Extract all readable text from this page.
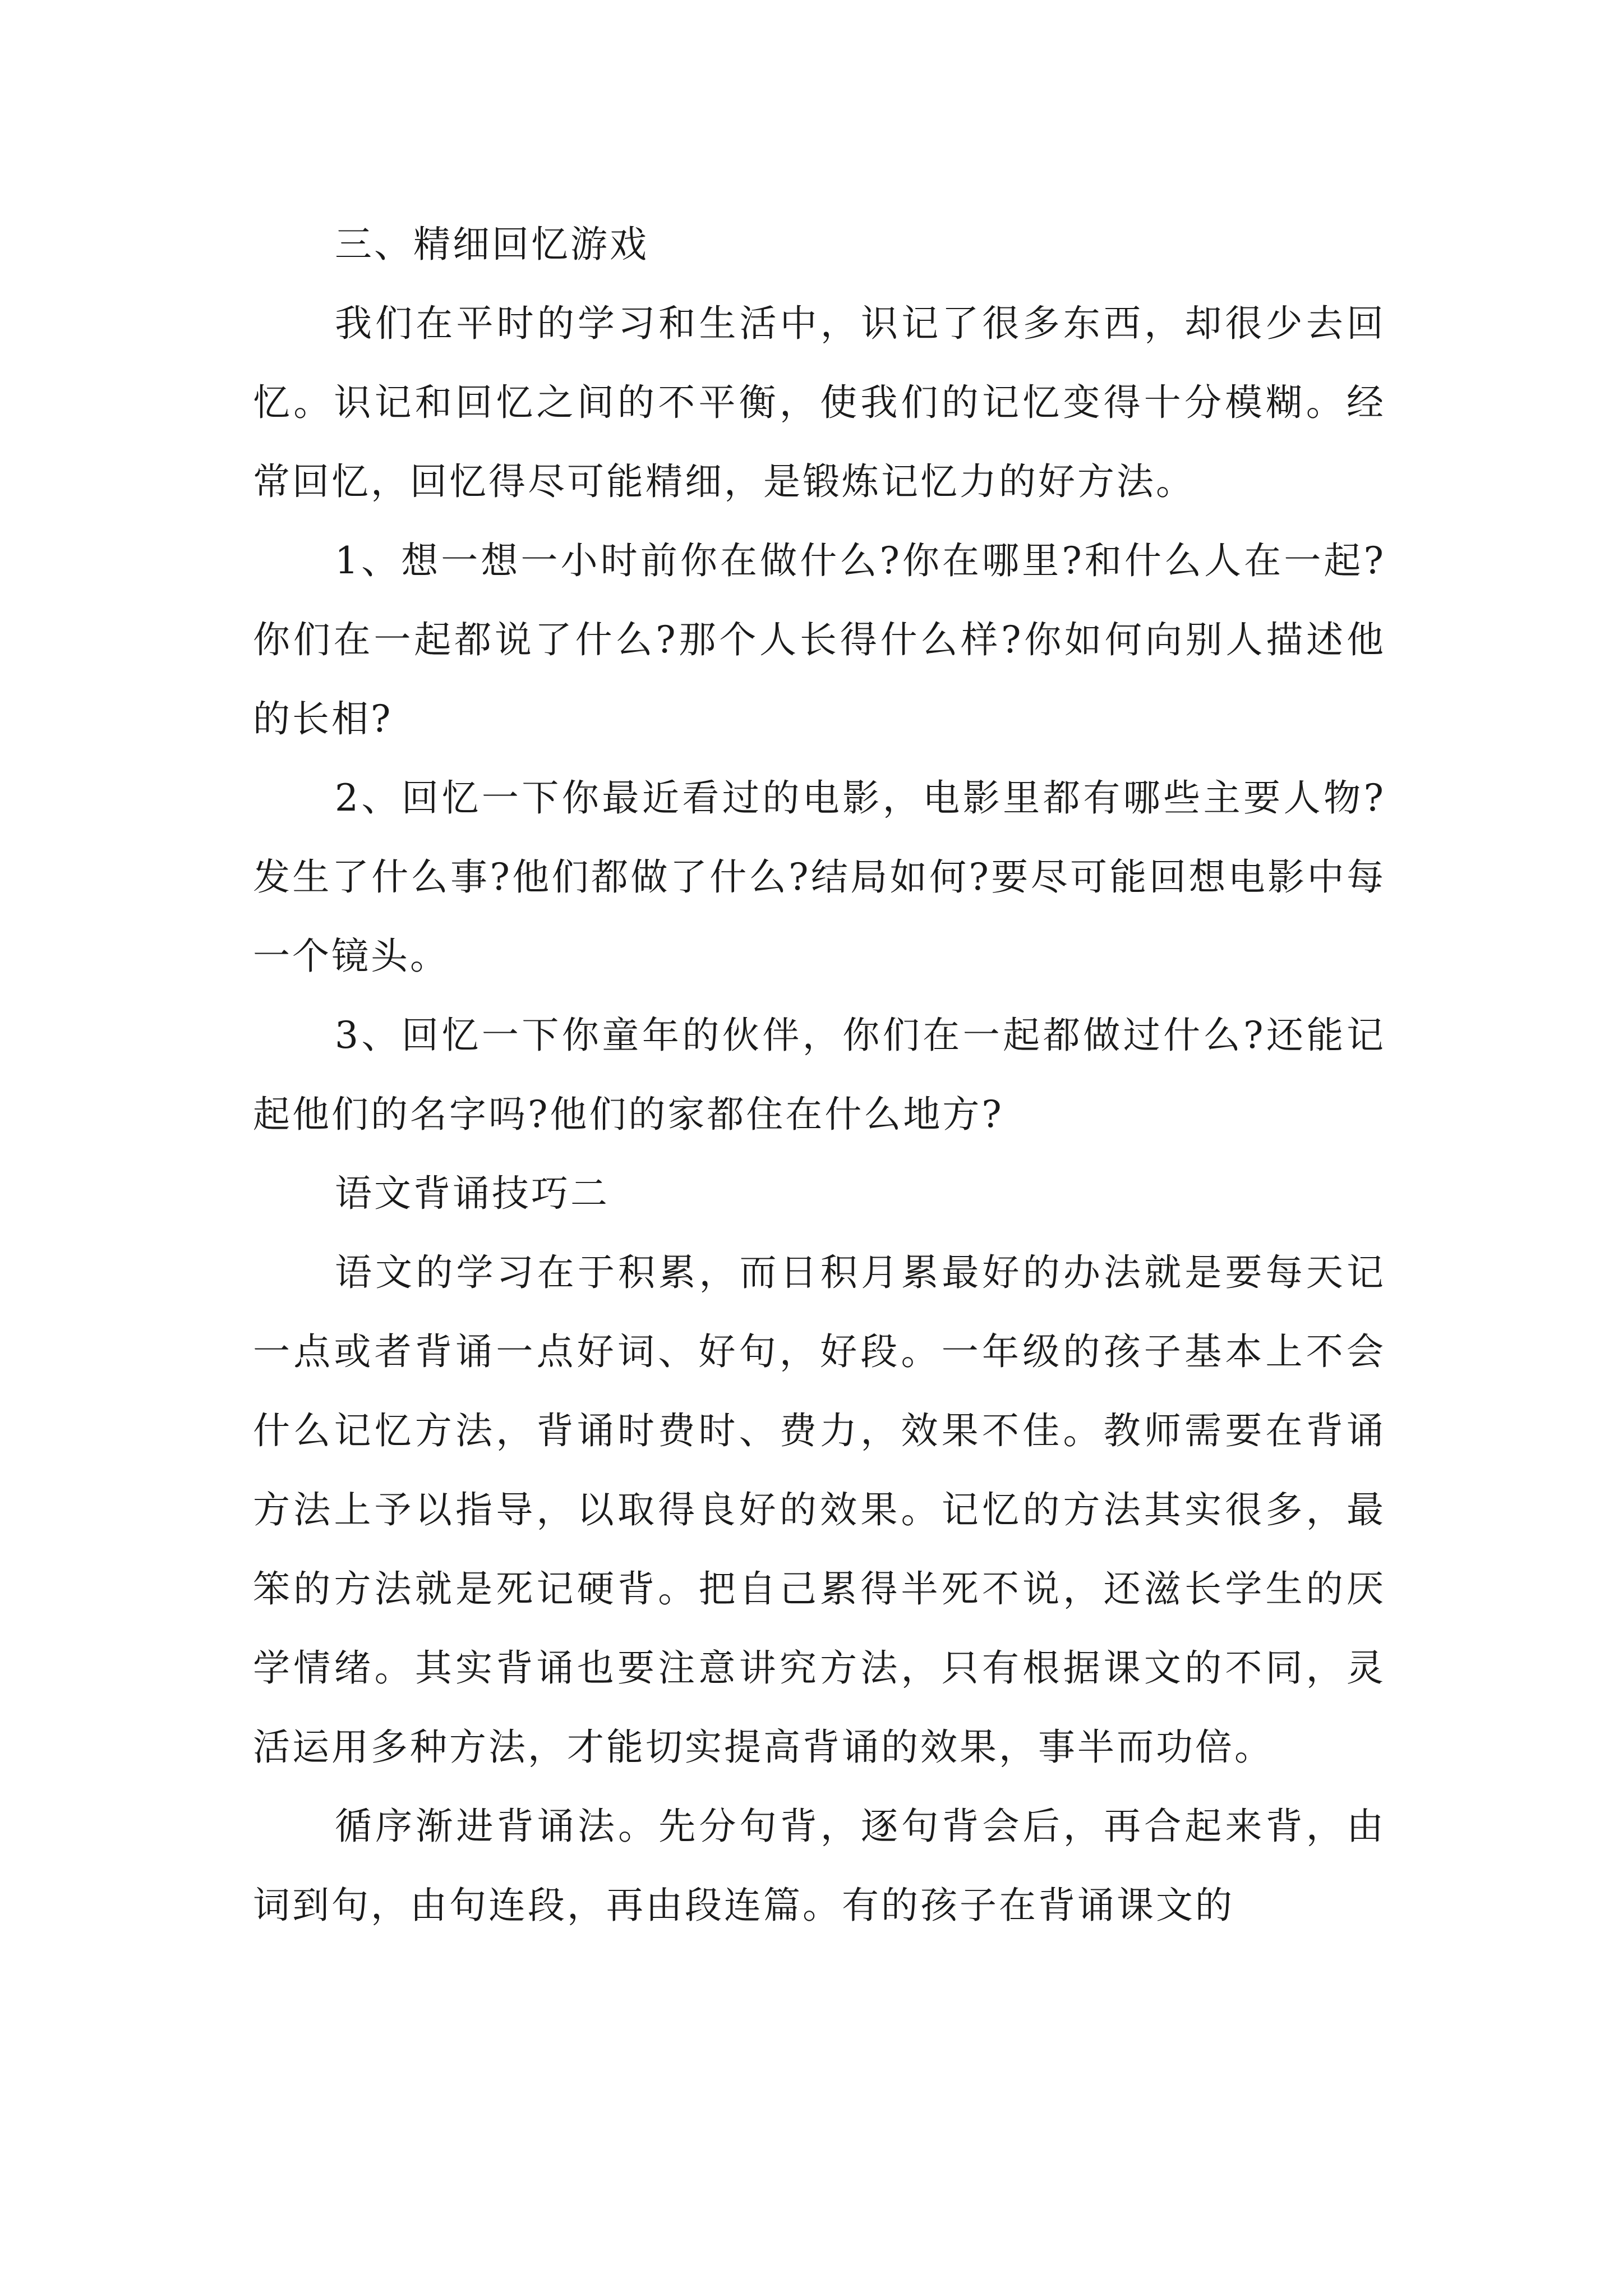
三、精细回忆游戏

我们在平时的学习和生活中，识记了很多东西，却很少去回忆。识记和回忆之间的不平衡，使我们的记忆变得十分模糊。经常回忆，回忆得尽可能精细，是锻炼记忆力的好方法。

1、想一想一小时前你在做什么?你在哪里?和什么人在一起?你们在一起都说了什么?那个人长得什么样?你如何向别人描述他的长相?

2、回忆一下你最近看过的电影，电影里都有哪些主要人物?发生了什么事?他们都做了什么?结局如何?要尽可能回想电影中每一个镜头。

3、回忆一下你童年的伙伴，你们在一起都做过什么?还能记起他们的名字吗?他们的家都住在什么地方?

语文背诵技巧二

语文的学习在于积累，而日积月累最好的办法就是要每天记一点或者背诵一点好词、好句，好段。一年级的孩子基本上不会什么记忆方法，背诵时费时、费力，效果不佳。教师需要在背诵方法上予以指导，以取得良好的效果。记忆的方法其实很多，最笨的方法就是死记硬背。把自己累得半死不说，还滋长学生的厌学情绪。其实背诵也要注意讲究方法，只有根据课文的不同，灵活运用多种方法，才能切实提高背诵的效果，事半而功倍。

循序渐进背诵法。先分句背，逐句背会后，再合起来背，由词到句，由句连段，再由段连篇。有的孩子在背诵课文的
